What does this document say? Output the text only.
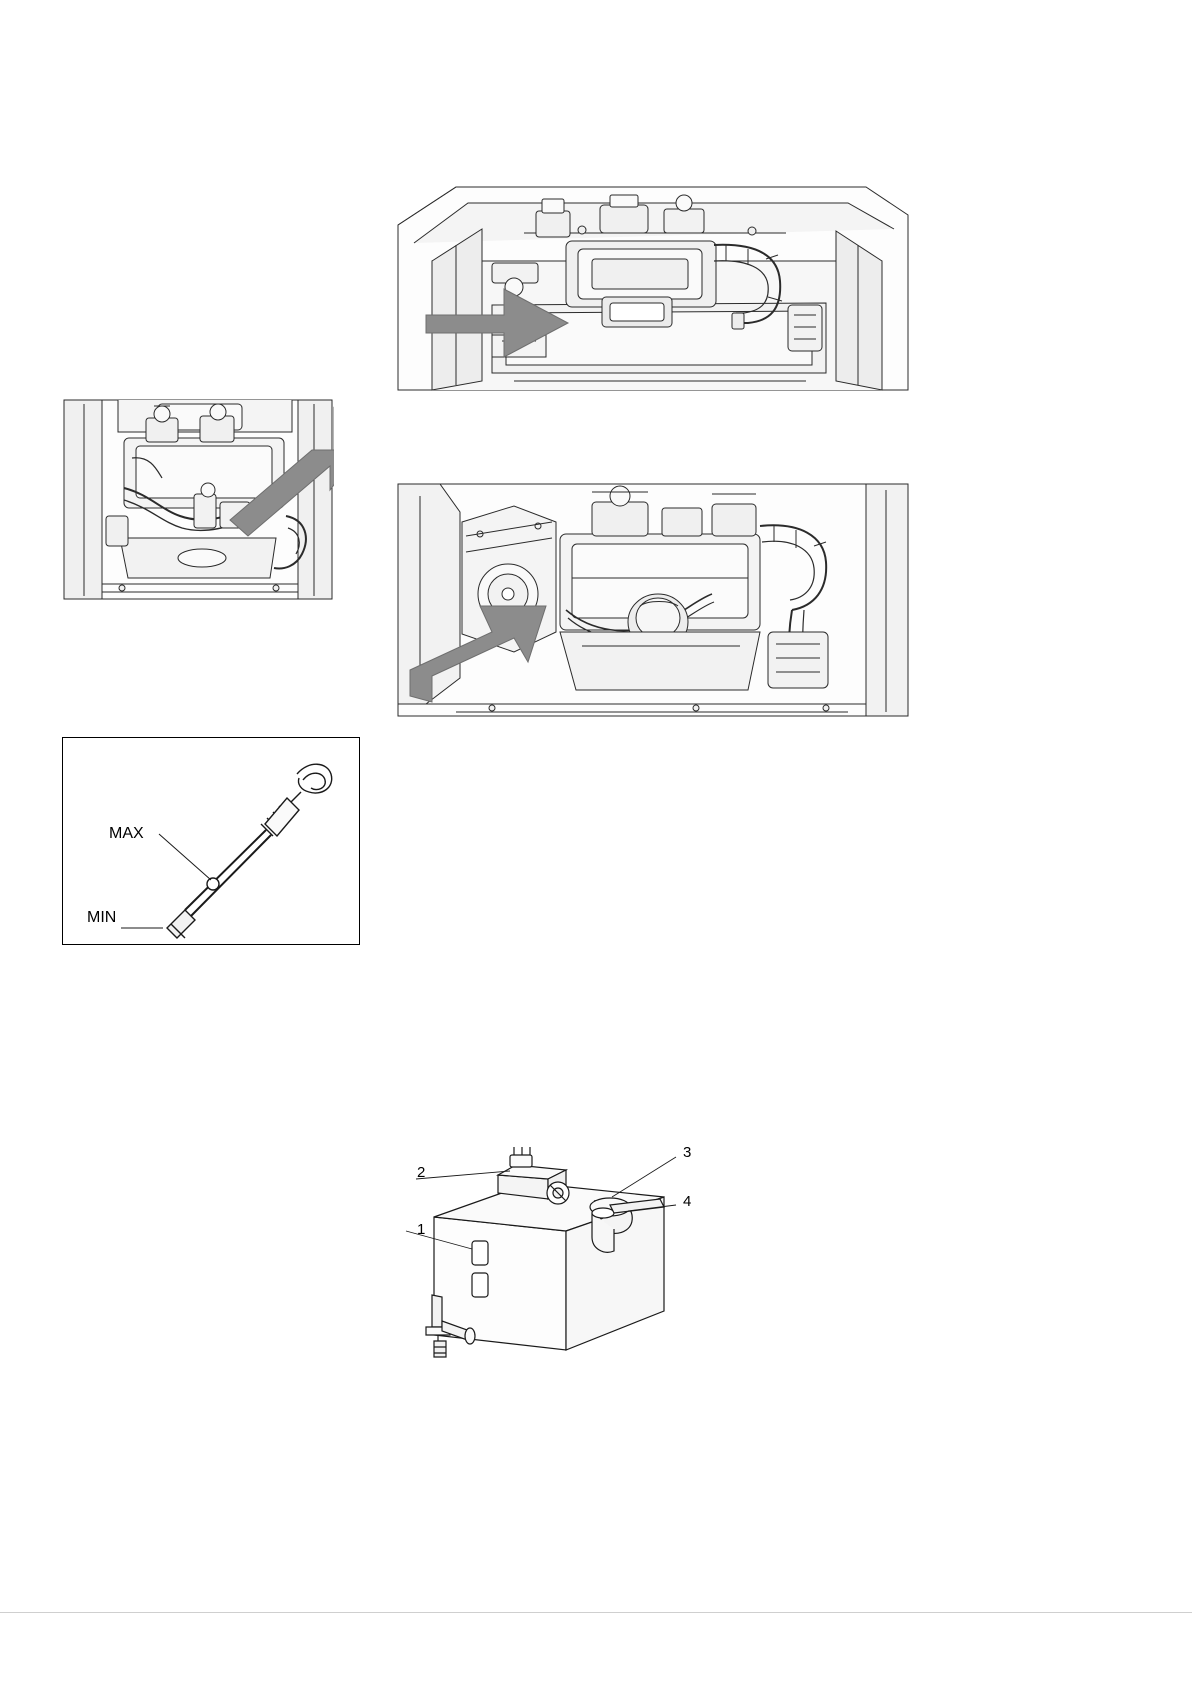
MAX
MIN
1
2
3
4
